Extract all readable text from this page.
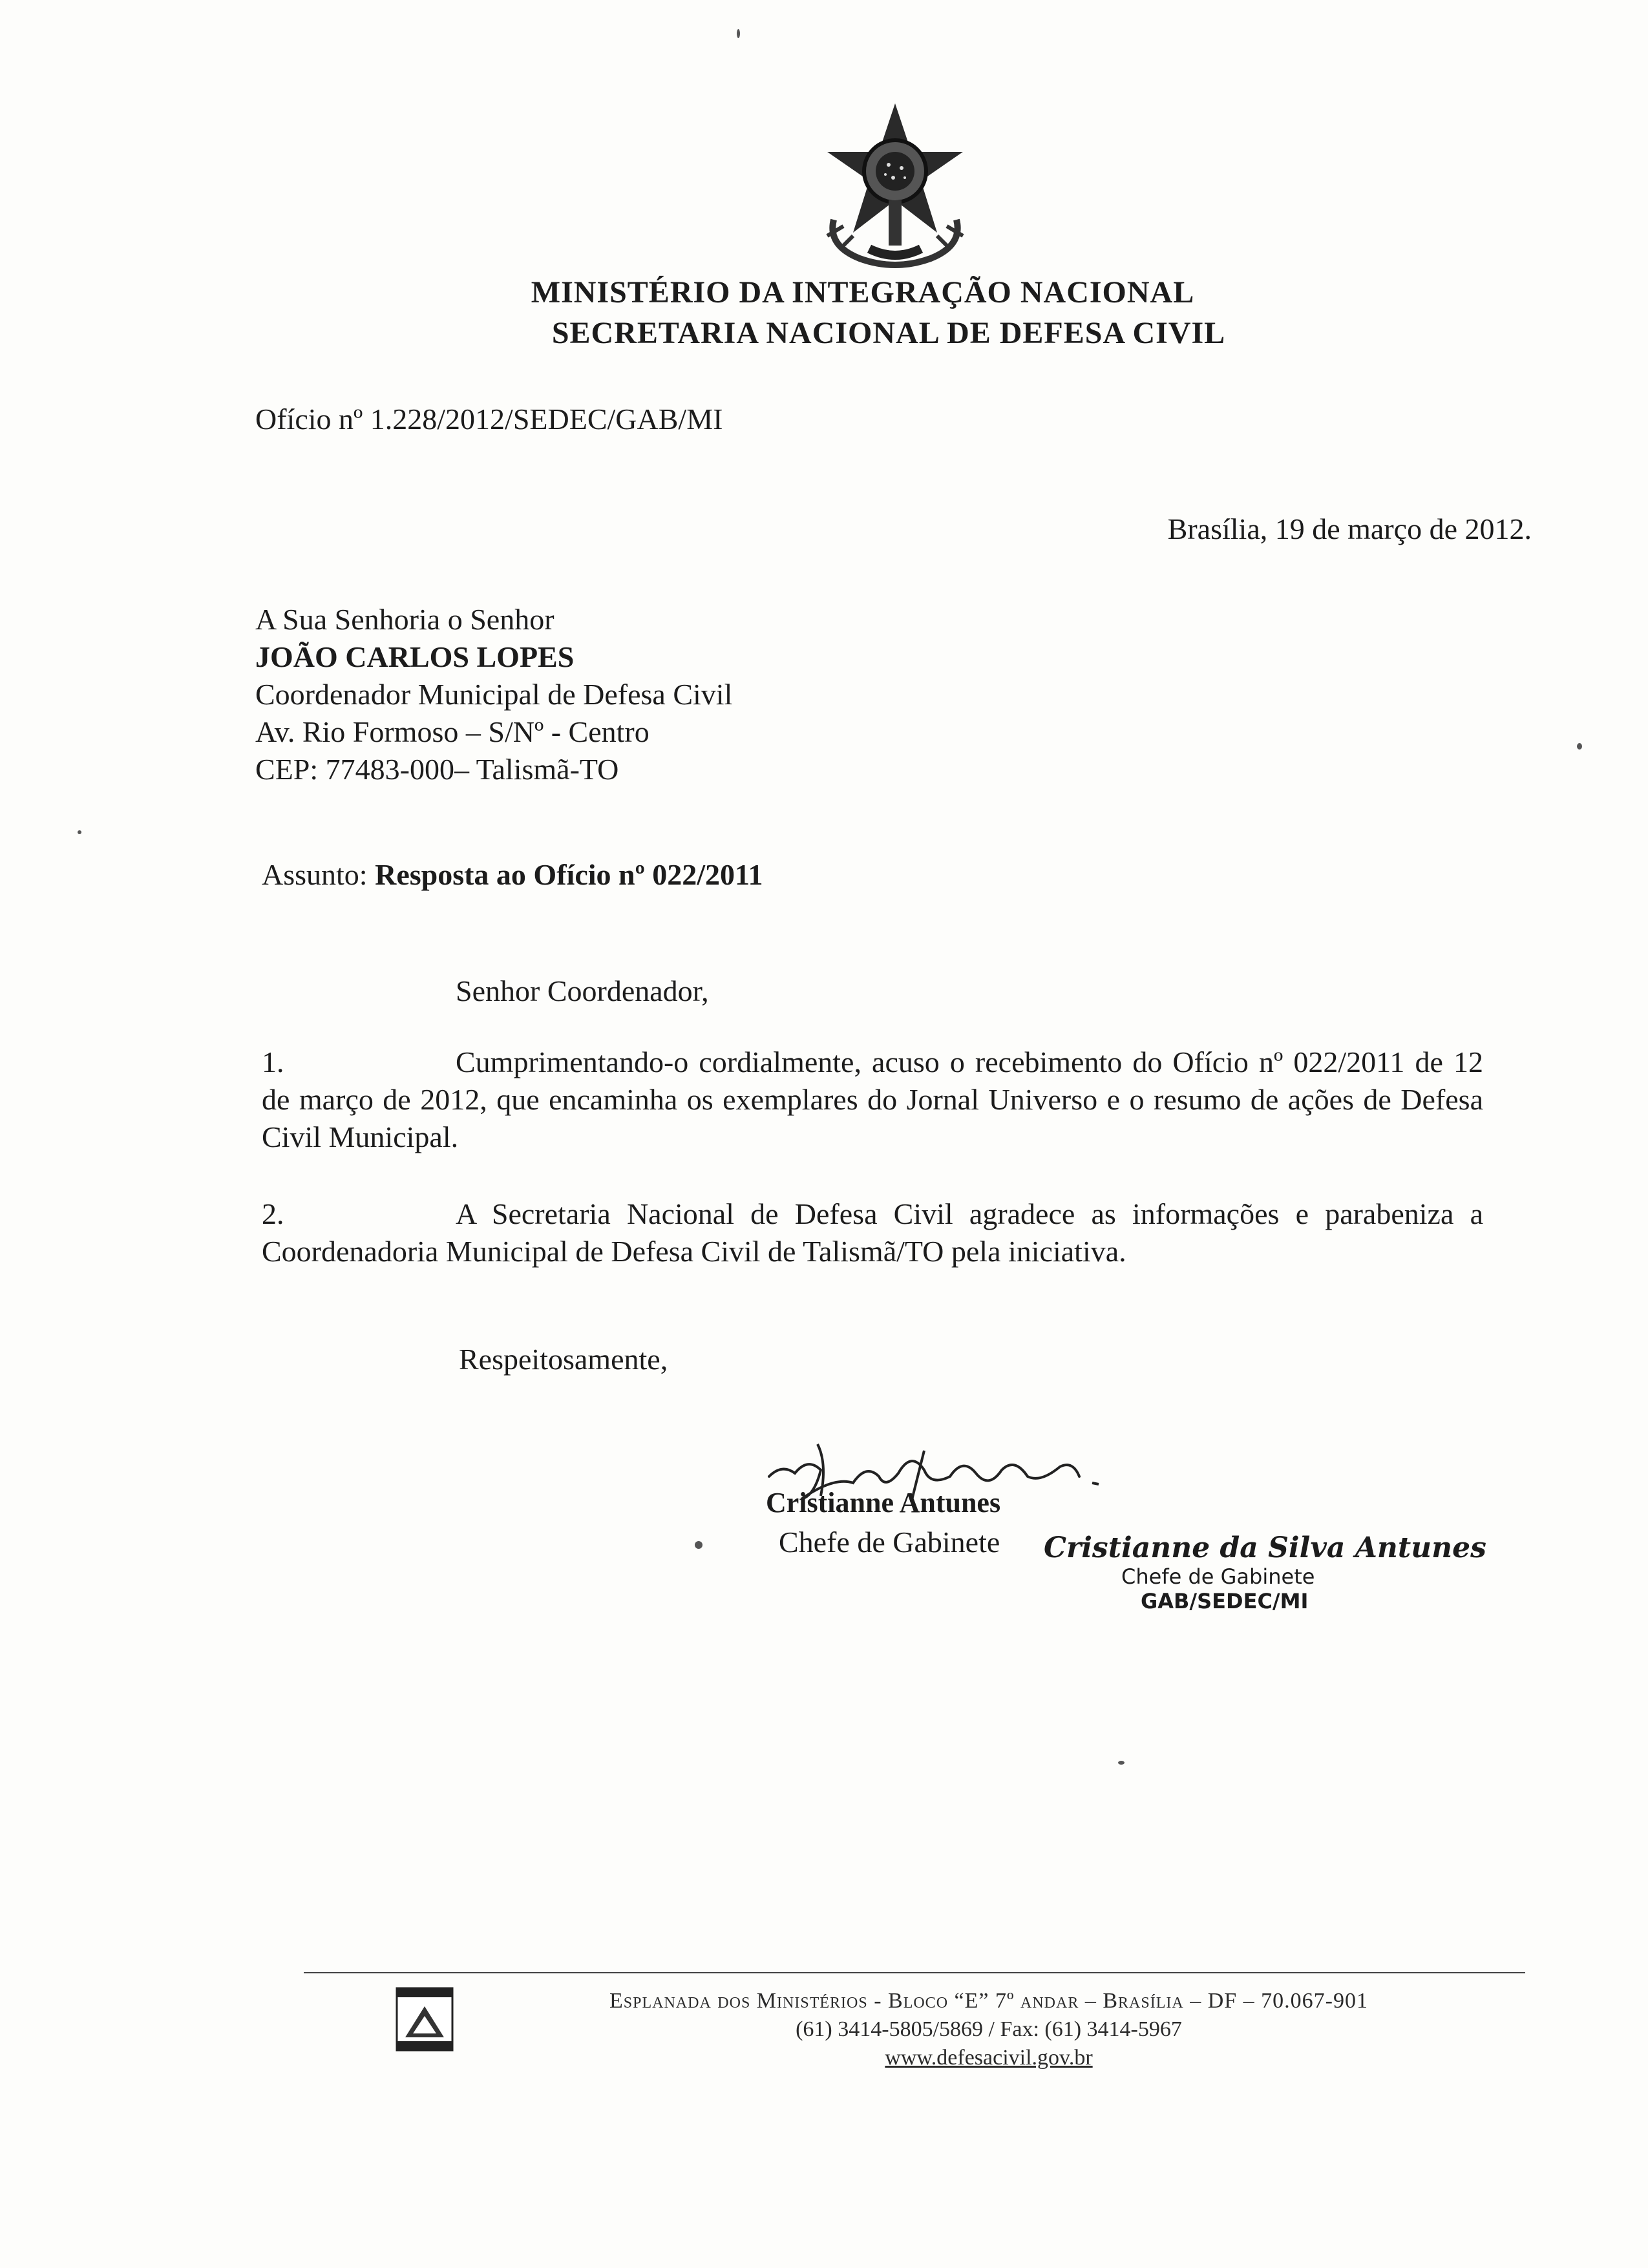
MINISTÉRIO DA INTEGRAÇÃO NACIONAL
SECRETARIA NACIONAL DE DEFESA CIVIL
Ofício nº 1.228/2012/SEDEC/GAB/MI
Brasília, 19 de março de 2012.
A Sua Senhoria o Senhor
JOÃO CARLOS LOPES
Coordenador Municipal de Defesa Civil
Av. Rio Formoso – S/Nº - Centro
CEP: 77483-000– Talismã-TO
Assunto: Resposta ao Ofício nº 022/2011
Senhor Coordenador,
1.	Cumprimentando-o cordialmente, acuso o recebimento do Ofício nº 022/2011 de 12 de março de 2012, que encaminha os exemplares do Jornal Universo e o resumo de ações de Defesa Civil Municipal.
2.	A Secretaria Nacional de Defesa Civil agradece as informações e parabeniza a Coordenadoria Municipal de Defesa Civil de Talismã/TO pela iniciativa.
Respeitosamente,
Cristianne Antunes
Chefe de Gabinete Cristianne da Silva Antunes
Chefe de Gabinete
GAB/SEDEC/MI
Esplanada dos Ministérios - Bloco “E” 7º andar – Brasília – DF – 70.067-901
(61) 3414-5805/5869 / Fax: (61) 3414-5967
www.defesacivil.gov.br
